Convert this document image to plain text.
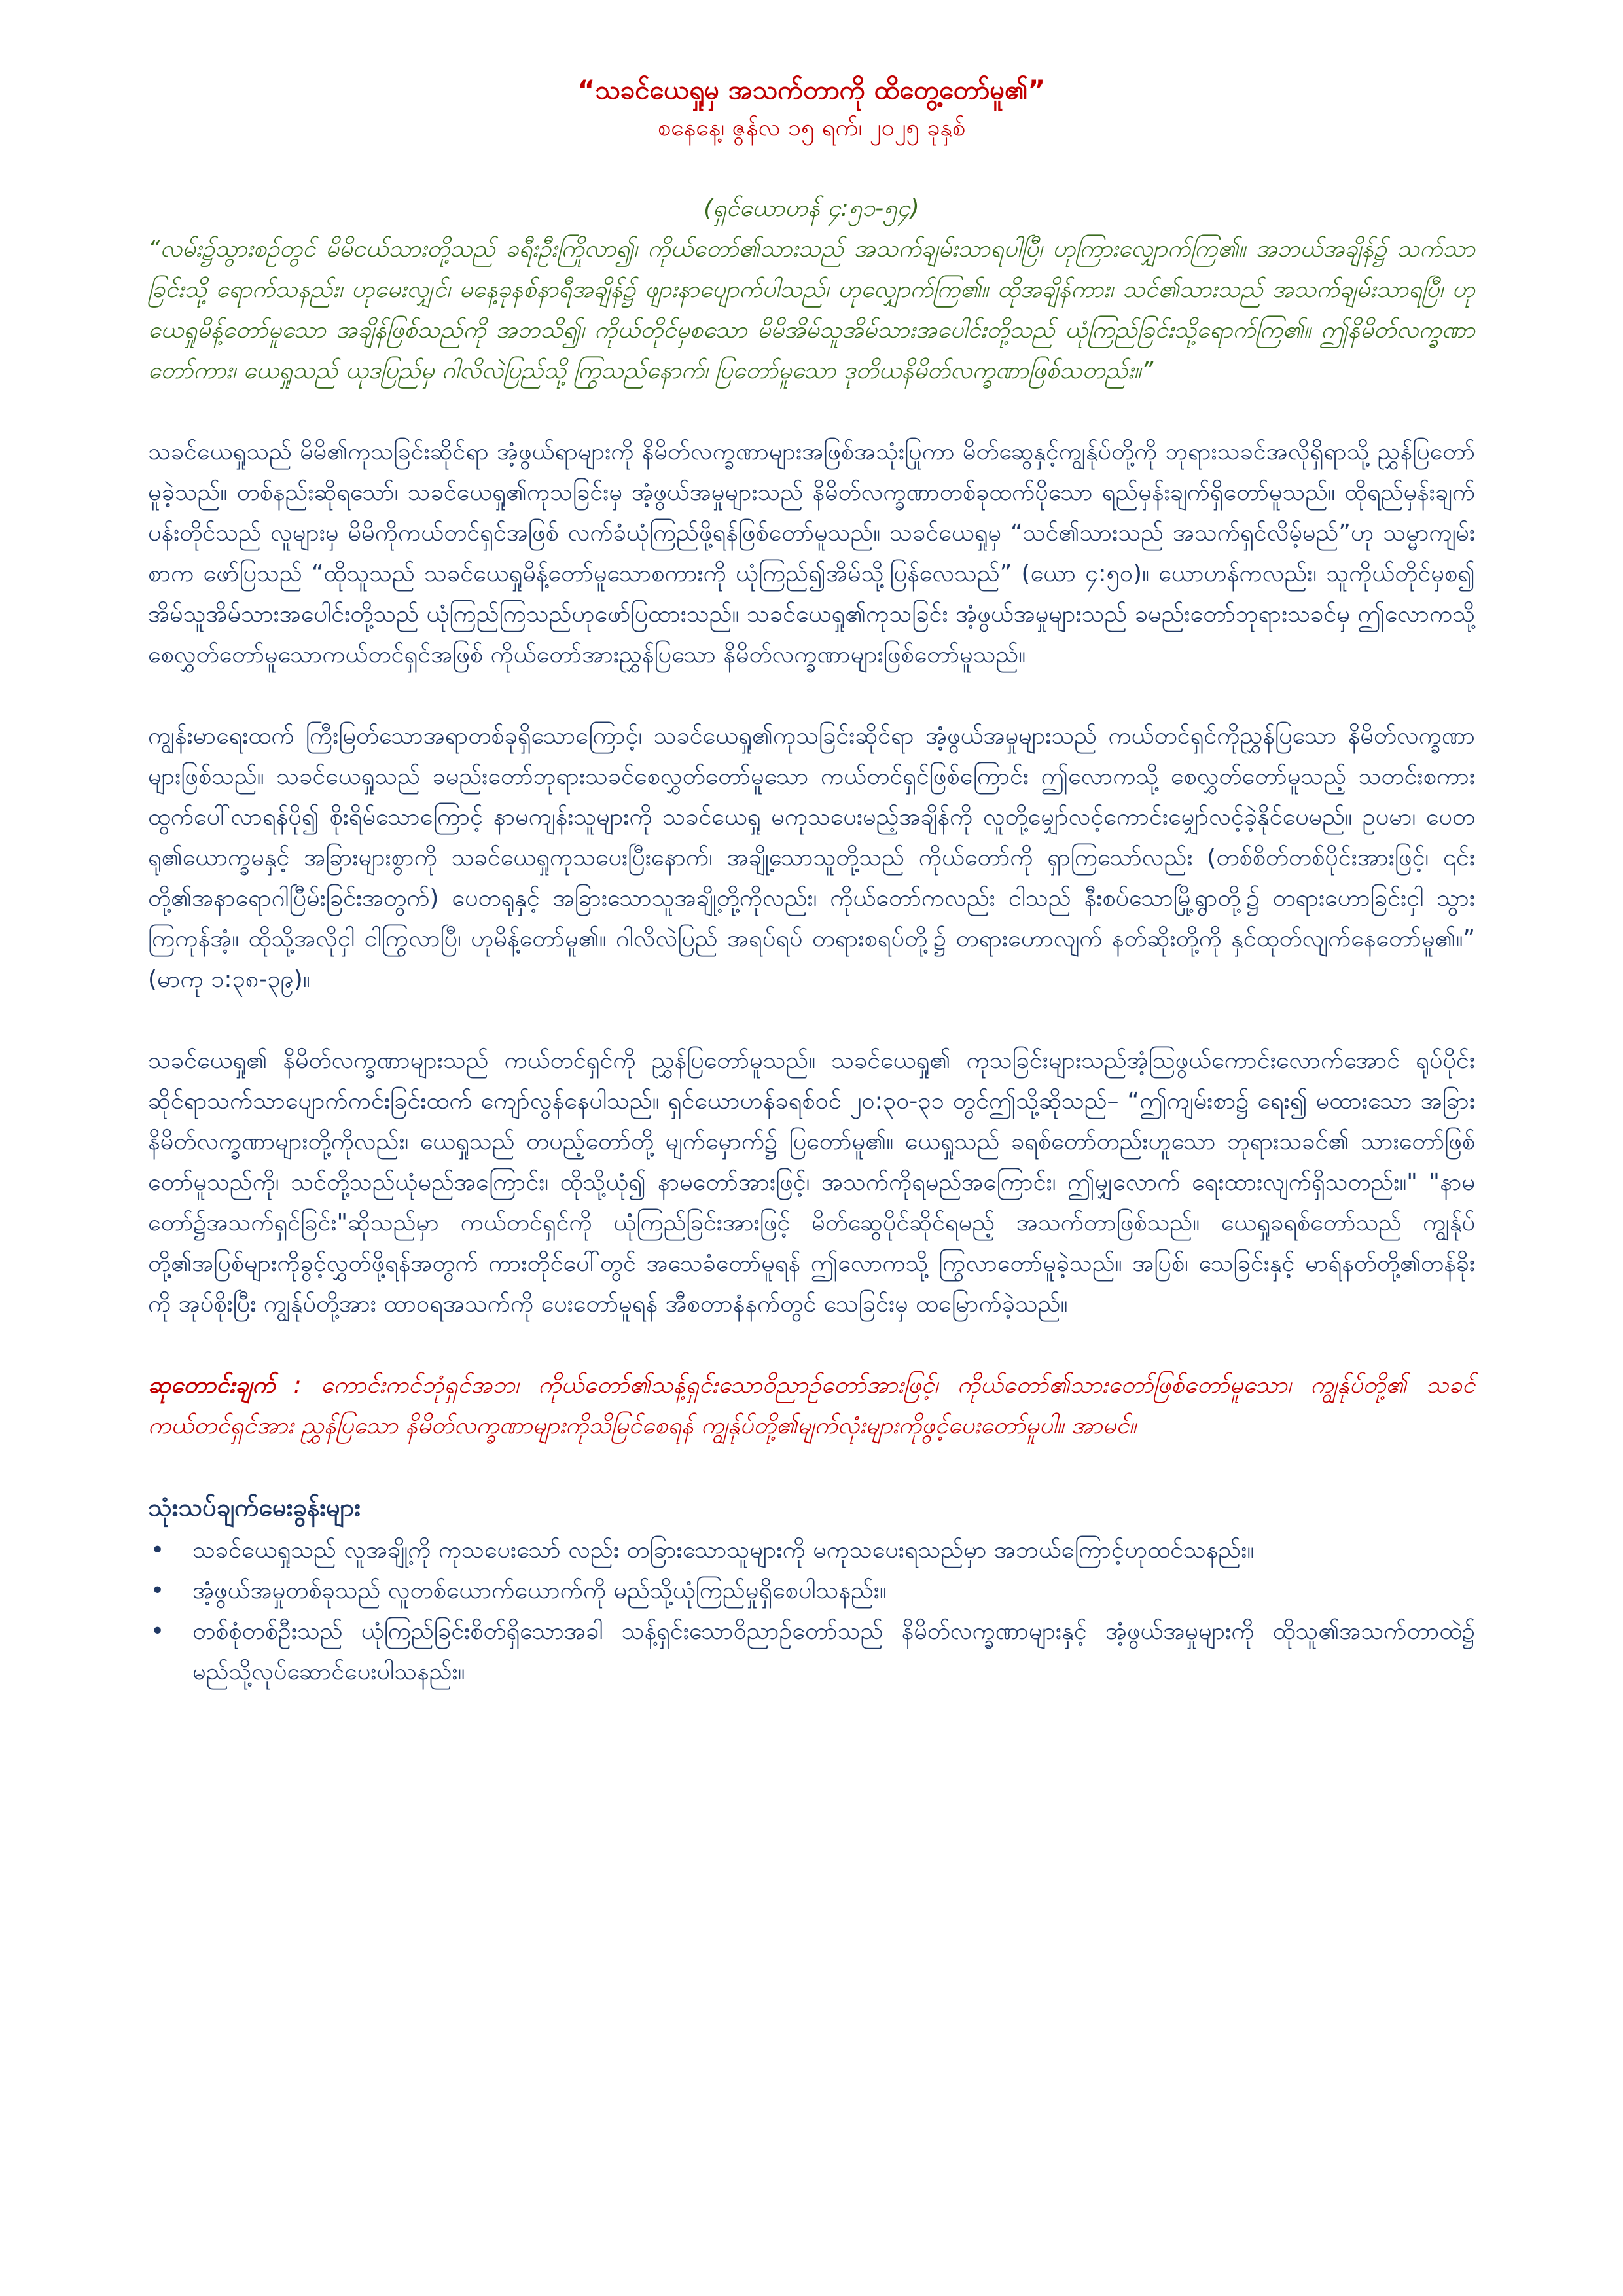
“သခင်ယေရှုမှ အသက်တာကို ထိတွေ့တော်မူ၏”

စနေနေ့၊ ဇွန်လ ၁၅ ရက်၊ ၂၀၂၅ ခုနှစ်

(ရှင်ယောဟန် ၄:၅၁-၅၄)

“လမ်း၌သွားစဉ်တွင် မိမိငယ်သားတို့သည် ခရီးဦးကြိုလာ၍၊ ကိုယ်တော်၏သားသည် အသက်ချမ်းသာရပါပြီ၊ ဟုကြားလျှောက်ကြ၏။ အဘယ်အချိန်၌ သက်သာခြင်းသို့ ရောက်သနည်း၊ ဟုမေးလျှင်၊ မနေ့ခုနစ်နာရီအချိန်၌ ဖျားနာပျောက်ပါသည်၊ ဟုလျှောက်ကြ၏။ ထိုအချိန်ကား၊ သင်၏သားသည် အသက်ချမ်းသာရပြီ၊ ဟုယေရှုမိန့်တော်မူသော အချိန်ဖြစ်သည်ကို အဘသိ၍၊ ကိုယ်တိုင်မှစသော မိမိအိမ်သူအိမ်သားအပေါင်းတို့သည် ယုံကြည်ခြင်းသို့ရောက်ကြ၏။ ဤနိမိတ်လက္ခဏာတော်ကား၊ ယေရှုသည် ယုဒပြည်မှ ဂါလိလဲပြည်သို့ ကြွသည်နောက်၊ ပြတော်မူသော ဒုတိယနိမိတ်လက္ခဏာဖြစ်သတည်း။”

သခင်ယေရှုသည် မိမိ၏ကုသခြင်းဆိုင်ရာ အံ့ဖွယ်ရာများကို နိမိတ်လက္ခဏာများအဖြစ်အသုံးပြုကာ မိတ်ဆွေနှင့်ကျွန်ုပ်တို့ကို ဘုရားသခင်အလိုရှိရာသို့ ညွှန်ပြတော်မူခဲ့သည်။ တစ်နည်းဆိုရသော်၊ သခင်ယေရှု၏ကုသခြင်းမှ အံ့ဖွယ်အမှုများသည် နိမိတ်လက္ခဏာတစ်ခုထက်ပိုသော ရည်မှန်းချက်ရှိတော်မူသည်။ ထိုရည်မှန်းချက်ပန်းတိုင်သည် လူများမှ မိမိကိုကယ်တင်ရှင်အဖြစ် လက်ခံယုံကြည်ဖို့ရန်ဖြစ်တော်မူသည်။ သခင်ယေရှုမှ “သင်၏သားသည် အသက်ရှင်လိမ့်မည်”ဟု သမ္မာကျမ်းစာက ဖော်ပြသည် “ထိုသူသည် သခင်ယေရှုမိန့်တော်မူသောစကားကို ယုံကြည်၍အိမ်သို့ပြန်လေသည်” (ယော ၄:၅၀)။ ယောဟန်ကလည်း၊ သူကိုယ်တိုင်မှစ၍ အိမ်သူအိမ်သားအပေါင်းတို့သည် ယုံကြည်ကြသည်ဟုဖော်ပြထားသည်။ သခင်ယေရှု၏ကုသခြင်း အံ့ဖွယ်အမှုများသည် ခမည်းတော်ဘုရားသခင်မှ ဤလောကသို့စေလွှတ်တော်မူသောကယ်တင်ရှင်အဖြစ် ကိုယ်တော်အားညွှန်ပြသော နိမိတ်လက္ခဏာများဖြစ်တော်မူသည်။

ကျွန်းမာရေးထက် ကြီးမြတ်သောအရာတစ်ခုရှိသောကြောင့်၊ သခင်ယေရှု၏ကုသခြင်းဆိုင်ရာ အံ့ဖွယ်အမှုများသည် ကယ်တင်ရှင်ကိုညွှန်ပြသော နိမိတ်လက္ခဏာများဖြစ်သည်။ သခင်ယေရှုသည် ခမည်းတော်ဘုရားသခင်စေလွှတ်တော်မူသော ကယ်တင်ရှင်ဖြစ်ကြောင်း ဤလောကသို့ စေလွှတ်တော်မူသည့် သတင်းစကား ထွက်ပေါ်လာရန်ပို၍ စိုးရိမ်သောကြောင့် နာမကျန်းသူများကို သခင်ယေရှု မကုသပေးမည့်အချိန်ကို လူတို့မျှော်လင့်ကောင်းမျှော်လင့်ခဲ့နိုင်ပေမည်။ ဥပမာ၊ ပေတရု၏ယောက္ခမနှင့် အခြားများစွာကို သခင်ယေရှုကုသပေးပြီးနောက်၊ အချို့သောသူတို့သည် ကိုယ်တော်ကို ရှာကြသော်လည်း (တစ်စိတ်တစ်ပိုင်းအားဖြင့်၊ ၎င်းတို့၏အနာရောဂါပြီမ်းခြင်းအတွက်) ပေတရုနှင့် အခြားသောသူအချို့တို့ကိုလည်း၊ ကိုယ်တော်ကလည်း ငါသည် နီးစပ်သောမြို့ရွာတို့၌ တရားဟောခြင်းငှါ သွားကြကုန်အံ့။ ထိုသို့အလိုငှါ ငါကြွလာပြီ၊ ဟုမိန့်တော်မူ၏။ ဂါလိလဲပြည် အရပ်ရပ် တရားစရပ်တို့၌ တရားဟောလျက် နတ်ဆိုးတို့ကို နှင်ထုတ်လျက်နေတော်မူ၏။” (မာကု ၁:၃၈-၃၉)။

သခင်ယေရှု၏ နိမိတ်လက္ခဏာများသည် ကယ်တင်ရှင်ကို ညွှန်ပြတော်မူသည်။ သခင်ယေရှု၏ ကုသခြင်းများသည်အံ့သြဖွယ်ကောင်းလောက်အောင် ရုပ်ပိုင်းဆိုင်ရာသက်သာပျောက်ကင်းခြင်းထက် ကျော်လွန်နေပါသည်။ ရှင်ယောဟန်ခရစ်ဝင် ၂၀:၃၀-၃၁ တွင်ဤသို့ဆိုသည်– “ဤကျမ်းစာ၌ ရေး၍ မထားသော အခြားနိမိတ်လက္ခဏာများတို့ကိုလည်း၊ ယေရှုသည် တပည့်တော်တို့ မျက်မှောက်၌ ပြတော်မူ၏။ ယေရှုသည် ခရစ်တော်တည်းဟူသော ဘုရားသခင်၏ သားတော်ဖြစ်တော်မူသည်ကို၊ သင်တို့သည်ယုံမည်အကြောင်း၊ ထိုသို့ယုံ၍ နာမတော်အားဖြင့်၊ အသက်ကိုရမည်အကြောင်း၊ ဤမျှလောက် ရေးထားလျက်ရှိသတည်း။" "နာမတော်၌အသက်ရှင်ခြင်း"ဆိုသည်မှာ ကယ်တင်ရှင်ကို ယုံကြည်ခြင်းအားဖြင့် မိတ်ဆွေပိုင်ဆိုင်ရမည့် အသက်တာဖြစ်သည်။ ယေရှုခရစ်တော်သည် ကျွန်ုပ်တို့၏အပြစ်များကိုခွင့်လွှတ်ဖို့ရန်အတွက် ကားတိုင်ပေါ်တွင် အသေခံတော်မူရန် ဤလောကသို့ ကြွလာတော်မူခဲ့သည်။ အပြစ်၊ သေခြင်းနှင့် မာရ်နတ်တို့၏တန်ခိုးကို အုပ်စိုးပြီး ကျွန်ုပ်တို့အား ထာဝရအသက်ကို ပေးတော်မူရန် အီစတာနံနက်တွင် သေခြင်းမှ ထမြောက်ခဲ့သည်။

ဆုတောင်းချက် : ကောင်းကင်ဘုံရှင်အဘ၊ ကိုယ်တော်၏သန့်ရှင်းသောဝိညာဉ်တော်အားဖြင့်၊ ကိုယ်တော်၏သားတော်ဖြစ်တော်မူသော၊ ကျွန်ုပ်တို့၏ သခင်ကယ်တင်ရှင်အား ညွှန်ပြသော နိမိတ်လက္ခဏာများကိုသိမြင်စေရန် ကျွန်ုပ်တို့၏မျက်လုံးများကိုဖွင့်ပေးတော်မူပါ။ အာမင်။

သုံးသပ်ချက်မေးခွန်းများ

• သခင်ယေရှုသည် လူအချို့ကို ကုသပေးသော် လည်း တခြားသောသူများကို မကုသပေးရသည်မှာ အဘယ်ကြောင့်ဟုထင်သနည်း။
• အံ့ဖွယ်အမှုတစ်ခုသည် လူတစ်ယောက်ယောက်ကို မည်သို့ယုံကြည်မှုရှိစေပါသနည်း။
• တစ်စုံတစ်ဦးသည် ယုံကြည်ခြင်းစိတ်ရှိသောအခါ သန့်ရှင်းသောဝိညာဉ်တော်သည် နိမိတ်လက္ခဏာများနှင့် အံ့ဖွယ်အမှုများကို ထိုသူ၏အသက်တာထဲ၌ မည်သို့လုပ်ဆောင်ပေးပါသနည်း။
